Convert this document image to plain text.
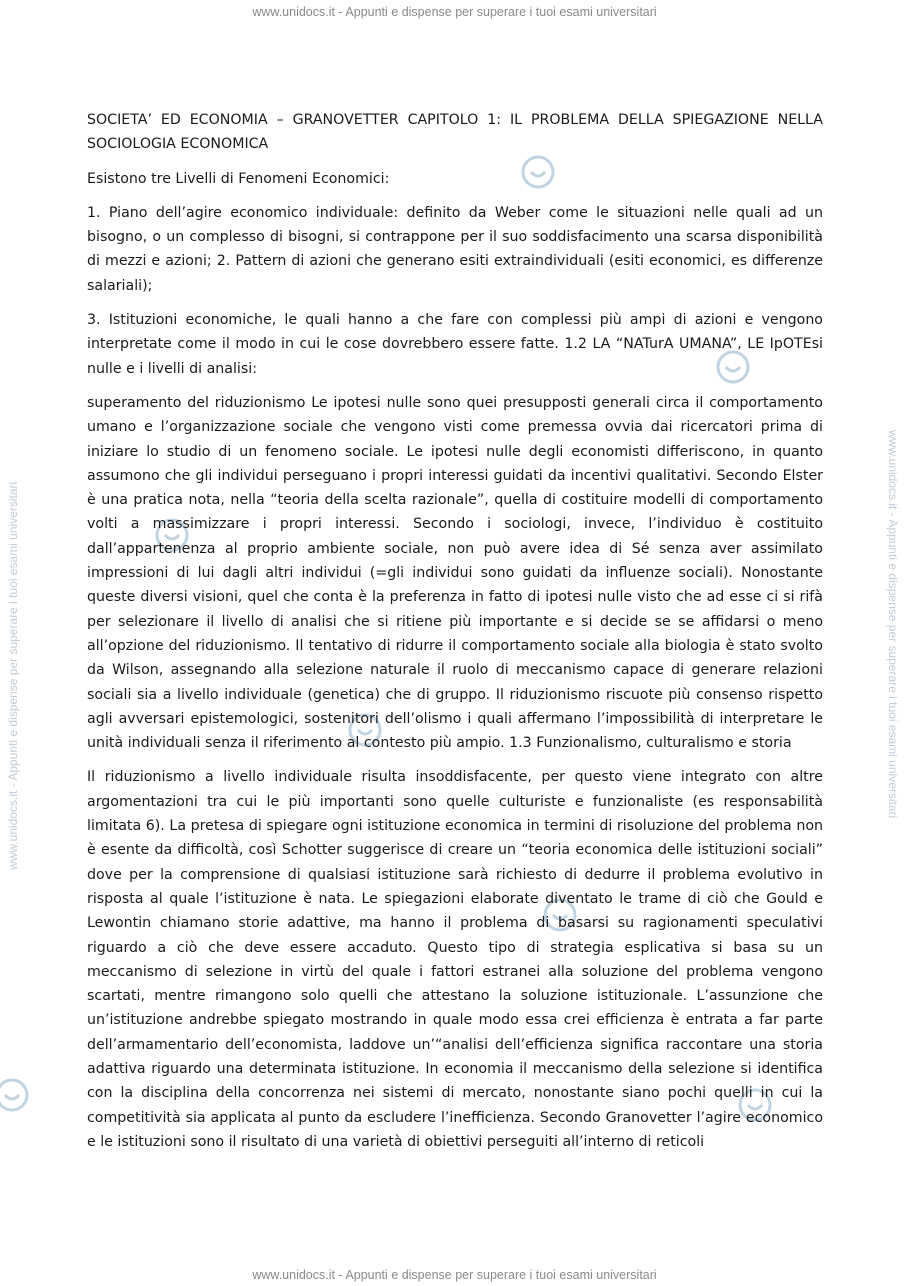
www.unidocs.it - Appunti e dispense per superare i tuoi esami universitari
www.unidocs.it - Appunti e dispense per superare i tuoi esami universitari	www.unidocs.it - Appunti e dispense per superare i tuoi esami universitari
SOCIETA’ ED ECONOMIA – GRANOVETTER CAPITOLO 1: IL PROBLEMA DELLA SPIEGAZIONE NELLA SOCIOLOGIA ECONOMICA

Esistono tre Livelli di Fenomeni Economici:

1. Piano dell’agire economico individuale: definito da Weber come le situazioni nelle quali ad un bisogno, o un complesso di bisogni, si contrappone per il suo soddisfacimento una scarsa disponibilità di mezzi e azioni; 2. Pattern di azioni che generano esiti extraindividuali (esiti economici, es differenze salariali);

3. Istituzioni economiche, le quali hanno a che fare con complessi più ampi di azioni e vengono interpretate come il modo in cui le cose dovrebbero essere fatte. 1.2 LA “NATurA UMANA”, LE IpOTEsi nulle e i livelli di analisi:

superamento del riduzionismo Le ipotesi nulle sono quei presupposti generali circa il comportamento umano e l’organizzazione sociale che vengono visti come premessa ovvia dai ricercatori prima di iniziare lo studio di un fenomeno sociale. Le ipotesi nulle degli economisti differiscono, in quanto assumono che gli individui perseguano i propri interessi guidati da incentivi qualitativi. Secondo Elster è una pratica nota, nella “teoria della scelta razionale”, quella di costituire modelli di comportamento volti a massimizzare i propri interessi. Secondo i sociologi, invece, l’individuo è costituito dall’appartenenza al proprio ambiente sociale, non può avere idea di Sé senza aver assimilato impressioni di lui dagli altri individui (=gli individui sono guidati da influenze sociali). Nonostante queste diversi visioni, quel che conta è la preferenza in fatto di ipotesi nulle visto che ad esse ci si rifà per selezionare il livello di analisi che si ritiene più importante e si decide se se affidarsi o meno all’opzione del riduzionismo. Il tentativo di ridurre il comportamento sociale alla biologia è stato svolto da Wilson, assegnando alla selezione naturale il ruolo di meccanismo capace di generare relazioni sociali sia a livello individuale (genetica) che di gruppo. Il riduzionismo riscuote più consenso rispetto agli avversari epistemologici, sostenitori dell’olismo i quali affermano l’impossibilità di interpretare le unità individuali senza il riferimento al contesto più ampio. 1.3 Funzionalismo, culturalismo e storia

Il riduzionismo a livello individuale risulta insoddisfacente, per questo viene integrato con altre argomentazioni tra cui le più importanti sono quelle culturiste e funzionaliste (es responsabilità limitata 6). La pretesa di spiegare ogni istituzione economica in termini di risoluzione del problema non è esente da difficoltà, così Schotter suggerisce di creare un “teoria economica delle istituzioni sociali” dove per la comprensione di qualsiasi istituzione sarà richiesto di dedurre il problema evolutivo in risposta al quale l’istituzione è nata. Le spiegazioni elaborate diventato le trame di ciò che Gould e Lewontin chiamano storie adattive, ma hanno il problema di basarsi su ragionamenti speculativi riguardo a ciò che deve essere accaduto. Questo tipo di strategia esplicativa si basa su un meccanismo di selezione in virtù del quale i fattori estranei alla soluzione del problema vengono scartati, mentre rimangono solo quelli che attestano la soluzione istituzionale. L’assunzione che un’istituzione andrebbe spiegato mostrando in quale modo essa crei efficienza è entrata a far parte dell’armamentario dell’economista, laddove un’“analisi dell’efficienza significa raccontare una storia adattiva riguardo una determinata istituzione. In economia il meccanismo della selezione si identifica con la disciplina della concorrenza nei sistemi di mercato, nonostante siano pochi quelli in cui la competitività sia applicata al punto da escludere l’inefficienza. Secondo Granovetter l’agire economico e le istituzioni sono il risultato di una varietà di obiettivi perseguiti all’interno di reticoli

www.unidocs.it - Appunti e dispense per superare i tuoi esami universitari
